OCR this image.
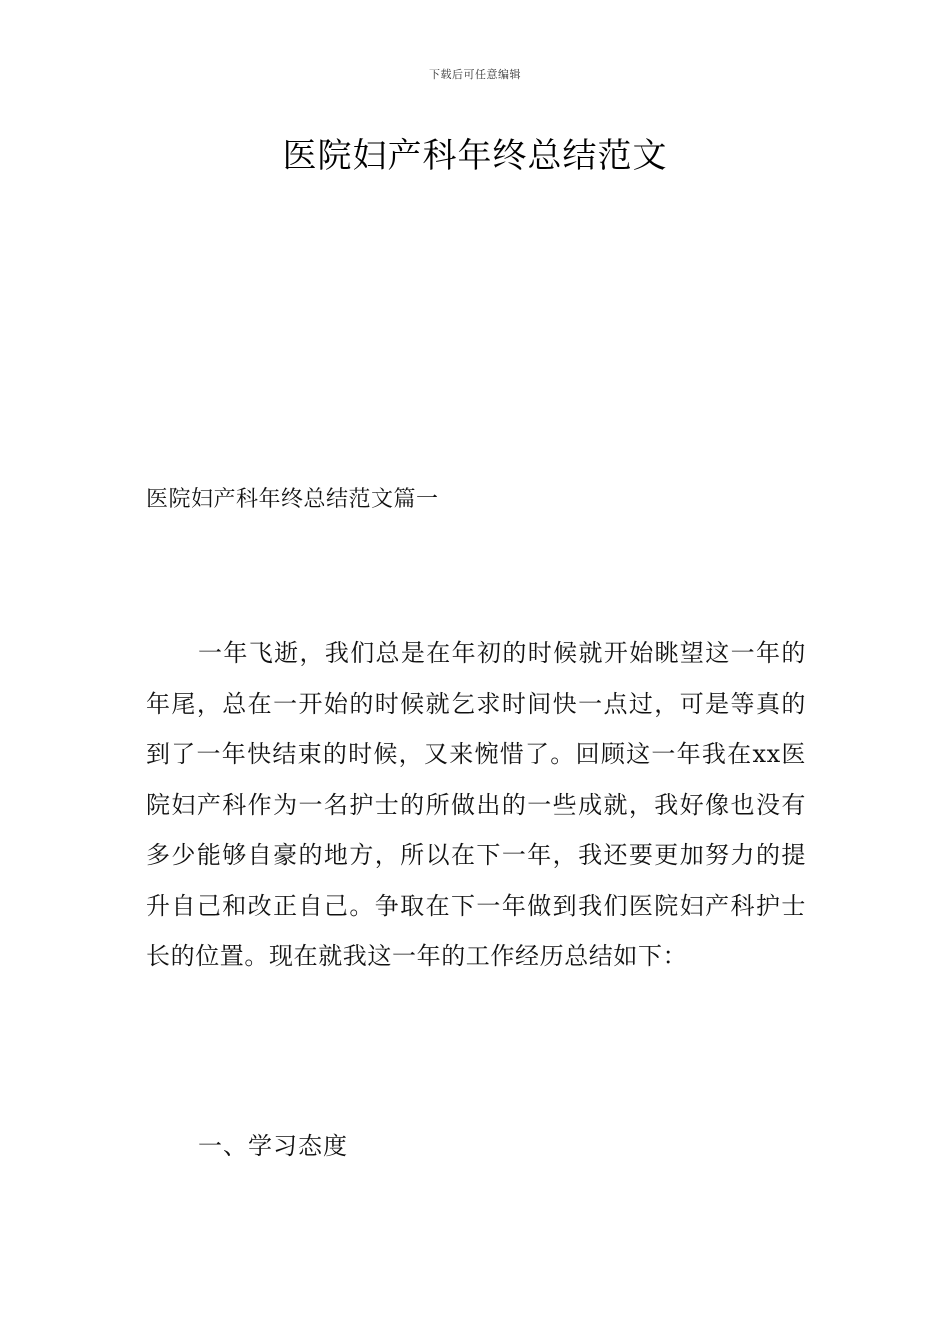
下载后可任意编辑
医院妇产科年终总结范文
医院妇产科年终总结范文篇一

一年飞逝，我们总是在年初的时候就开始眺望这一年的年尾，总在一开始的时候就乞求时间快一点过，可是等真的到了一年快结束的时候，又来惋惜了。回顾这一年我在xx医院妇产科作为一名护士的所做出的一些成就，我好像也没有多少能够自豪的地方，所以在下一年，我还要更加努力的提升自己和改正自己。争取在下一年做到我们医院妇产科护士长的位置。现在就我这一年的工作经历总结如下：

一、学习态度
